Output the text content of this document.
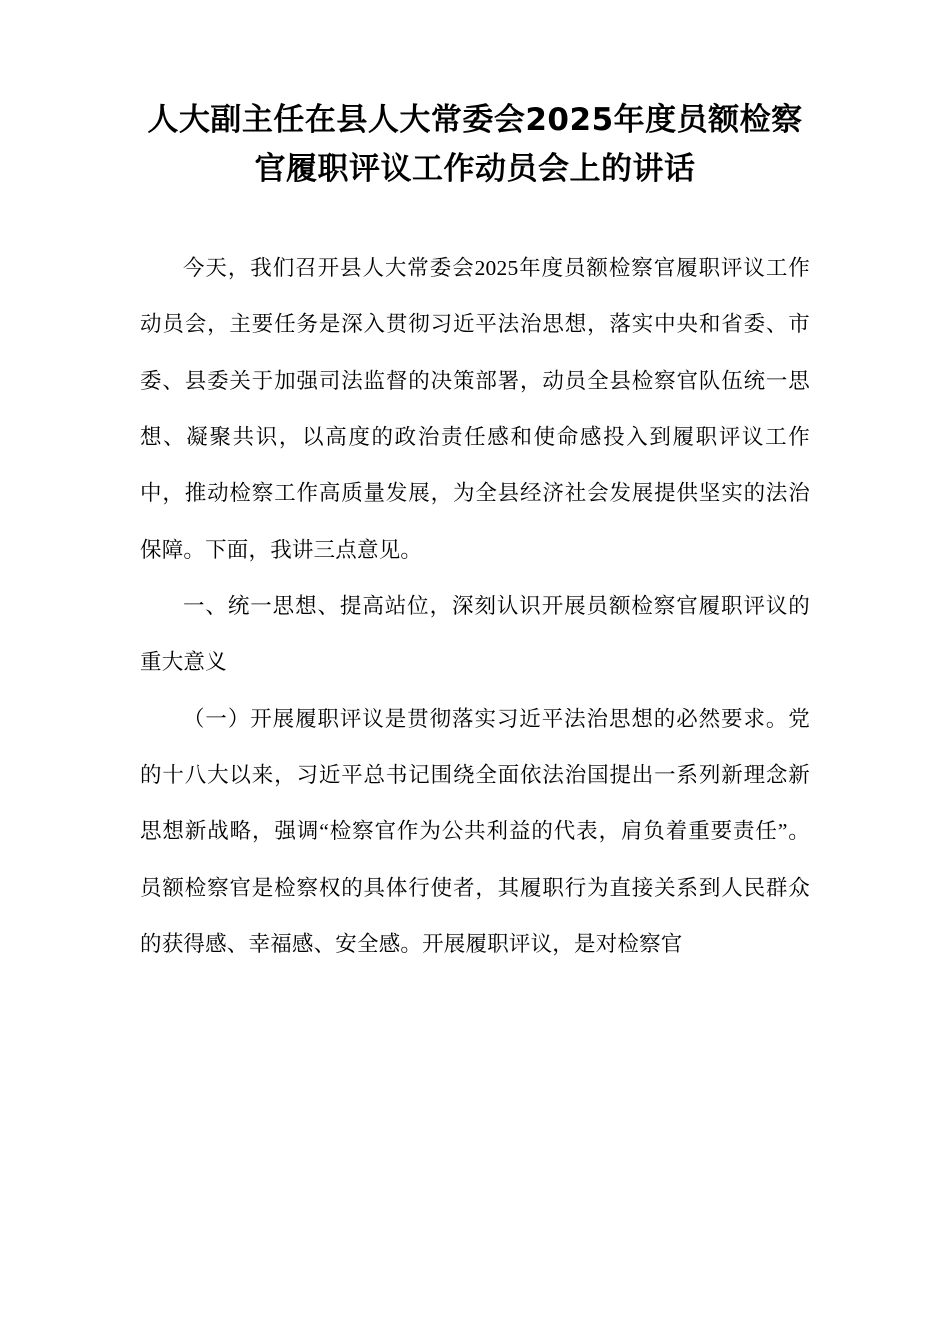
人大副主任在县人大常委会2025年度员额检察官履职评议工作动员会上的讲话

今天，我们召开县人大常委会2025年度员额检察官履职评议工作动员会，主要任务是深入贯彻习近平法治思想，落实中央和省委、市委、县委关于加强司法监督的决策部署，动员全县检察官队伍统一思想、凝聚共识，以高度的政治责任感和使命感投入到履职评议工作中，推动检察工作高质量发展，为全县经济社会发展提供坚实的法治保障。下面，我讲三点意见。

一、统一思想、提高站位，深刻认识开展员额检察官履职评议的重大意义

（一）开展履职评议是贯彻落实习近平法治思想的必然要求。党的十八大以来，习近平总书记围绕全面依法治国提出一系列新理念新思想新战略，强调“检察官作为公共利益的代表，肩负着重要责任”。员额检察官是检察权的具体行使者，其履职行为直接关系到人民群众的获得感、幸福感、安全感。开展履职评议，是对检察官
